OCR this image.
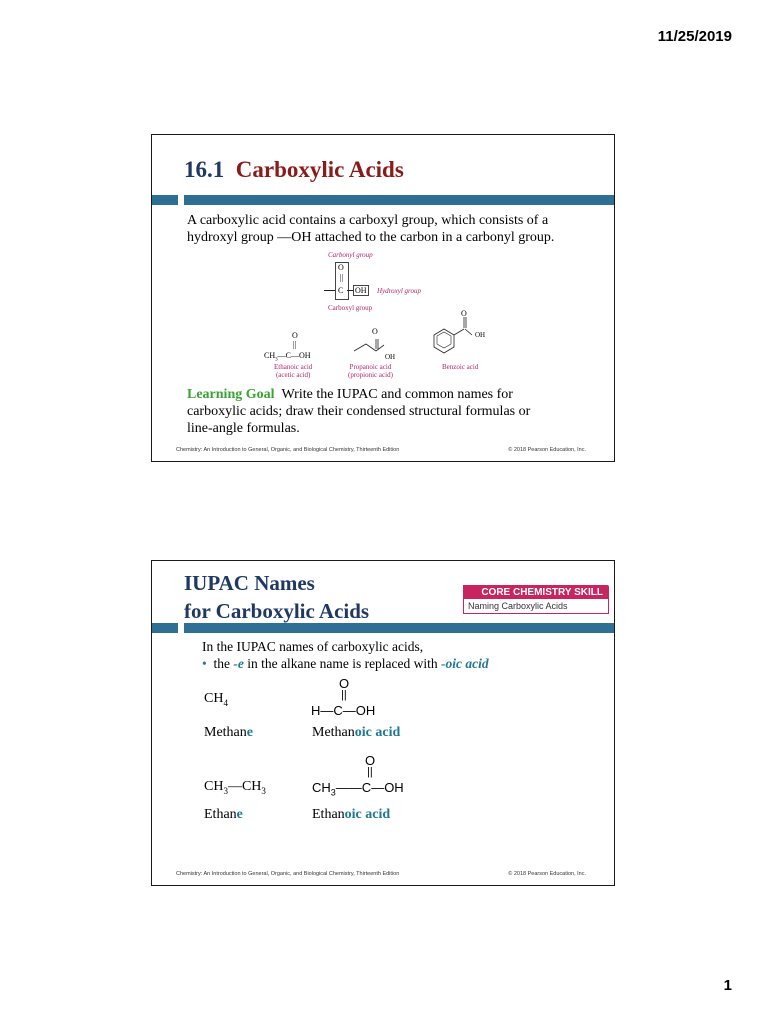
11/25/2019
16.1 Carboxylic Acids
A carboxylic acid contains a carboxyl group, which consists of a
hydroxyl group —OH attached to the carbon in a carbonyl group.
Carbonyl group
O
||
C OH Hydroxyl group
Carboxyl group
O
||
$CH_3—C—OH$
Ethanoic acid
(acetic acid)
O
OH
Propanoic acid
(propionic acid)
O
OH
Benzoic acid
Learning Goal Write the IUPAC and common names for
carboxylic acids; draw their condensed structural formulas or
line-angle formulas.
Chemistry: An Introduction to General, Organic, and Biological Chemistry, Thirteenth Edition	© 2018 Pearson Education, Inc.
IUPAC Names
for Carboxylic Acids
CORE CHEMISTRY SKILL
Naming Carboxylic Acids
In the IUPAC names of carboxylic acids,
• the -e in the alkane name is replaced with -oic acid
$CH_4$
O
||
H—C—OH
Methane	Methanoic acid
$CH_3—CH_3$
O
||
$CH_3——C—OH$
Ethane	Ethanoic acid
Chemistry: An Introduction to General, Organic, and Biological Chemistry, Thirteenth Edition	© 2018 Pearson Education, Inc.
1
